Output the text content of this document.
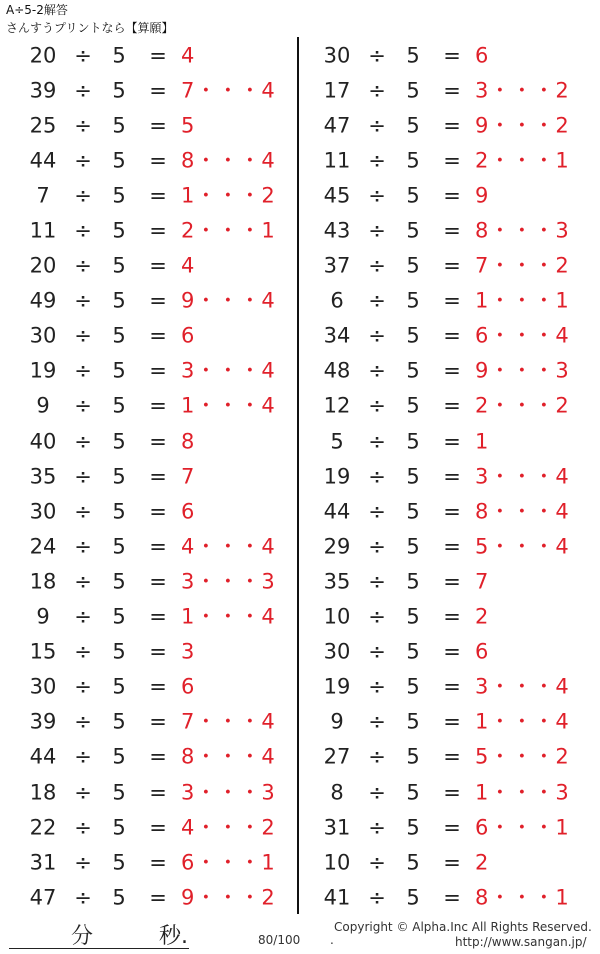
A÷5-2解答
さんすうプリントなら【算願】
20 ÷ 5	= 4
39 ÷ 5	= 7・・・4
25 ÷ 5	= 5
44 ÷ 5	= 8・・・4
7	÷ 5	= 1・・・2
11 ÷ 5	= 2・・・1
20 ÷ 5	= 4
49 ÷ 5	= 9・・・4
30 ÷ 5	= 6
19 ÷ 5	= 3・・・4
9	÷ 5	= 1・・・4
40 ÷ 5	= 8
35 ÷ 5	= 7
30 ÷ 5	= 6
24 ÷ 5	= 4・・・4
18 ÷ 5	= 3・・・3
9	÷ 5	= 1・・・4
15 ÷ 5	= 3
30 ÷ 5	= 6
39 ÷ 5	= 7・・・4
44 ÷ 5	= 8・・・4
18 ÷ 5	= 3・・・3
22 ÷ 5	= 4・・・2
31 ÷ 5	= 6・・・1
47 ÷ 5	= 9・・・2
30 ÷ 5	= 6
17 ÷ 5	= 3・・・2
47 ÷ 5	= 9・・・2
11 ÷ 5	= 2・・・1
45 ÷ 5	= 9
43 ÷ 5	= 8・・・3
37 ÷ 5	= 7・・・2
6	÷ 5	= 1・・・1
34 ÷ 5	= 6・・・4
48 ÷ 5	= 9・・・3
12 ÷ 5	= 2・・・2
5	÷ 5	= 1
19 ÷ 5	= 3・・・4
44 ÷ 5	= 8・・・4
29 ÷ 5	= 5・・・4
35 ÷ 5	= 7
10 ÷ 5	= 2
30 ÷ 5	= 6
19 ÷ 5	= 3・・・4
9	÷ 5	= 1・・・4
27 ÷ 5	= 5・・・2
8	÷ 5	= 1・・・3
31 ÷ 5	= 6・・・1
10 ÷ 5	= 2
41 ÷ 5	= 8・・・1
分	秒.	80/100 .
Copyright © Alpha.Inc All Rights Reserved.
http://www.sangan.jp/
